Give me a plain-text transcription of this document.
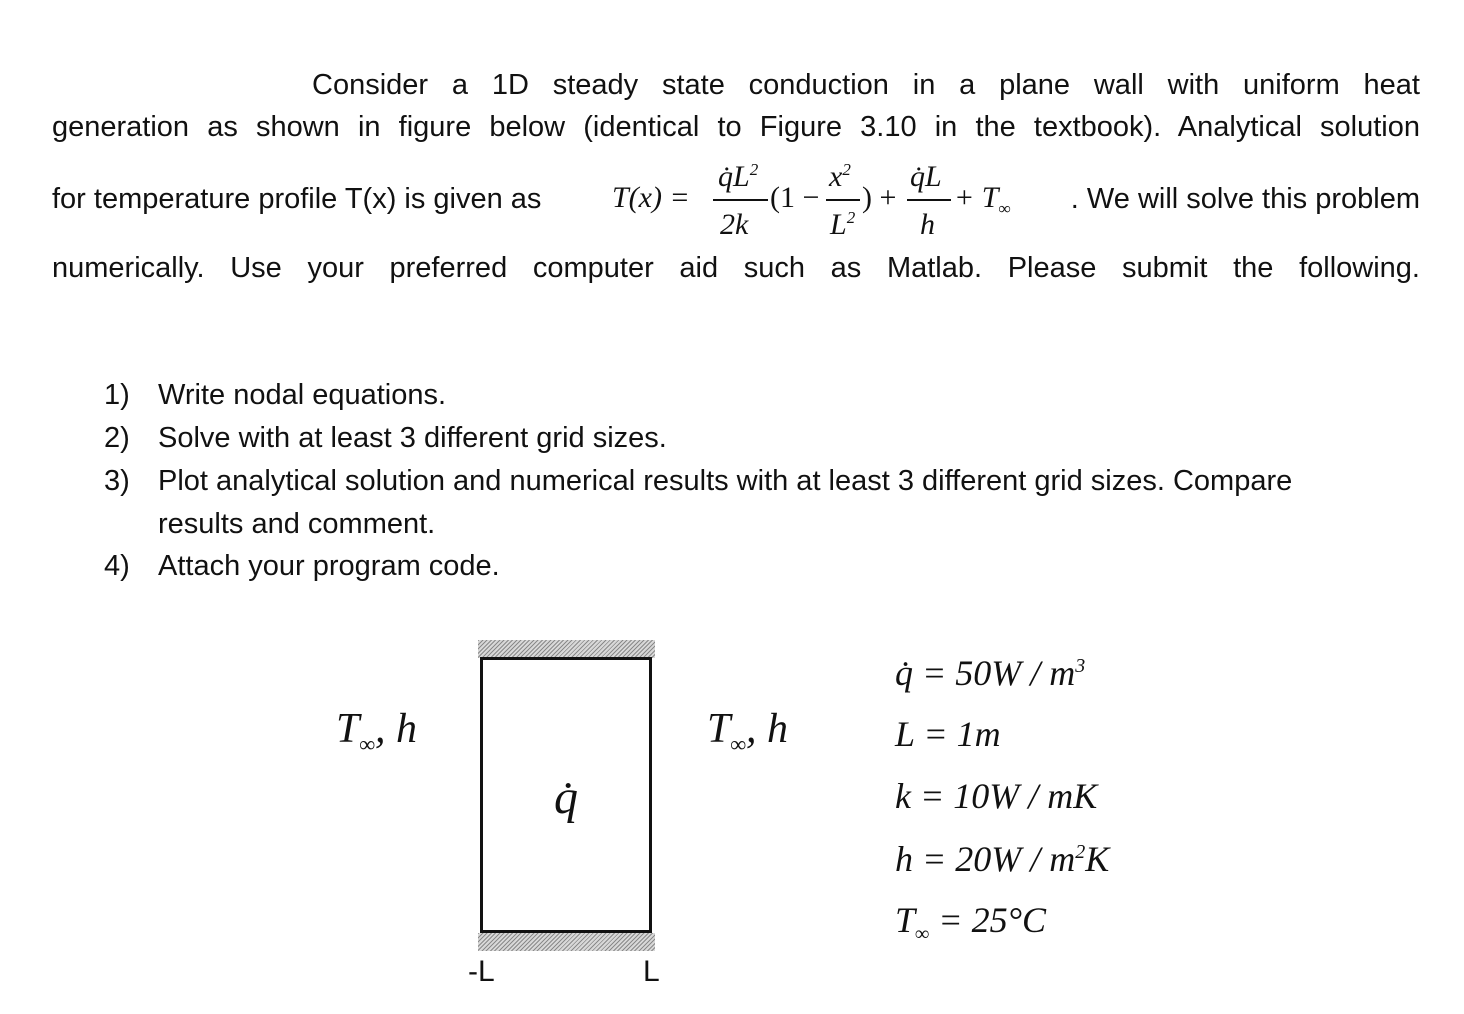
Consider a 1D steady state conduction in a plane wall with uniform heat
generation as shown in figure below (identical to Figure 3.10 in the textbook). Analytical solution
for temperature profile T(x) is given as	T(x) =
$q̇L^2$
2k
(1 −
$x^2$
$L^2$
) +
q̇L
h
+ $T_\infty$	. We will solve this problem
numerically. Use your preferred computer aid such as Matlab. Please submit the following.
1) Write nodal equations.
2) Solve with at least 3 different grid sizes.
3) Plot analytical solution and numerical results with at least 3 different grid sizes. Compare
results and comment.
4) Attach your program code.
$T_\infty$, h	$T_\infty$, h
q̇
-L	L
q̇ = $50W / m^3$
L = 1m
k = 10W / mK
$h = 20W / m^2K$
$T_\infty = 25^\circ C$
